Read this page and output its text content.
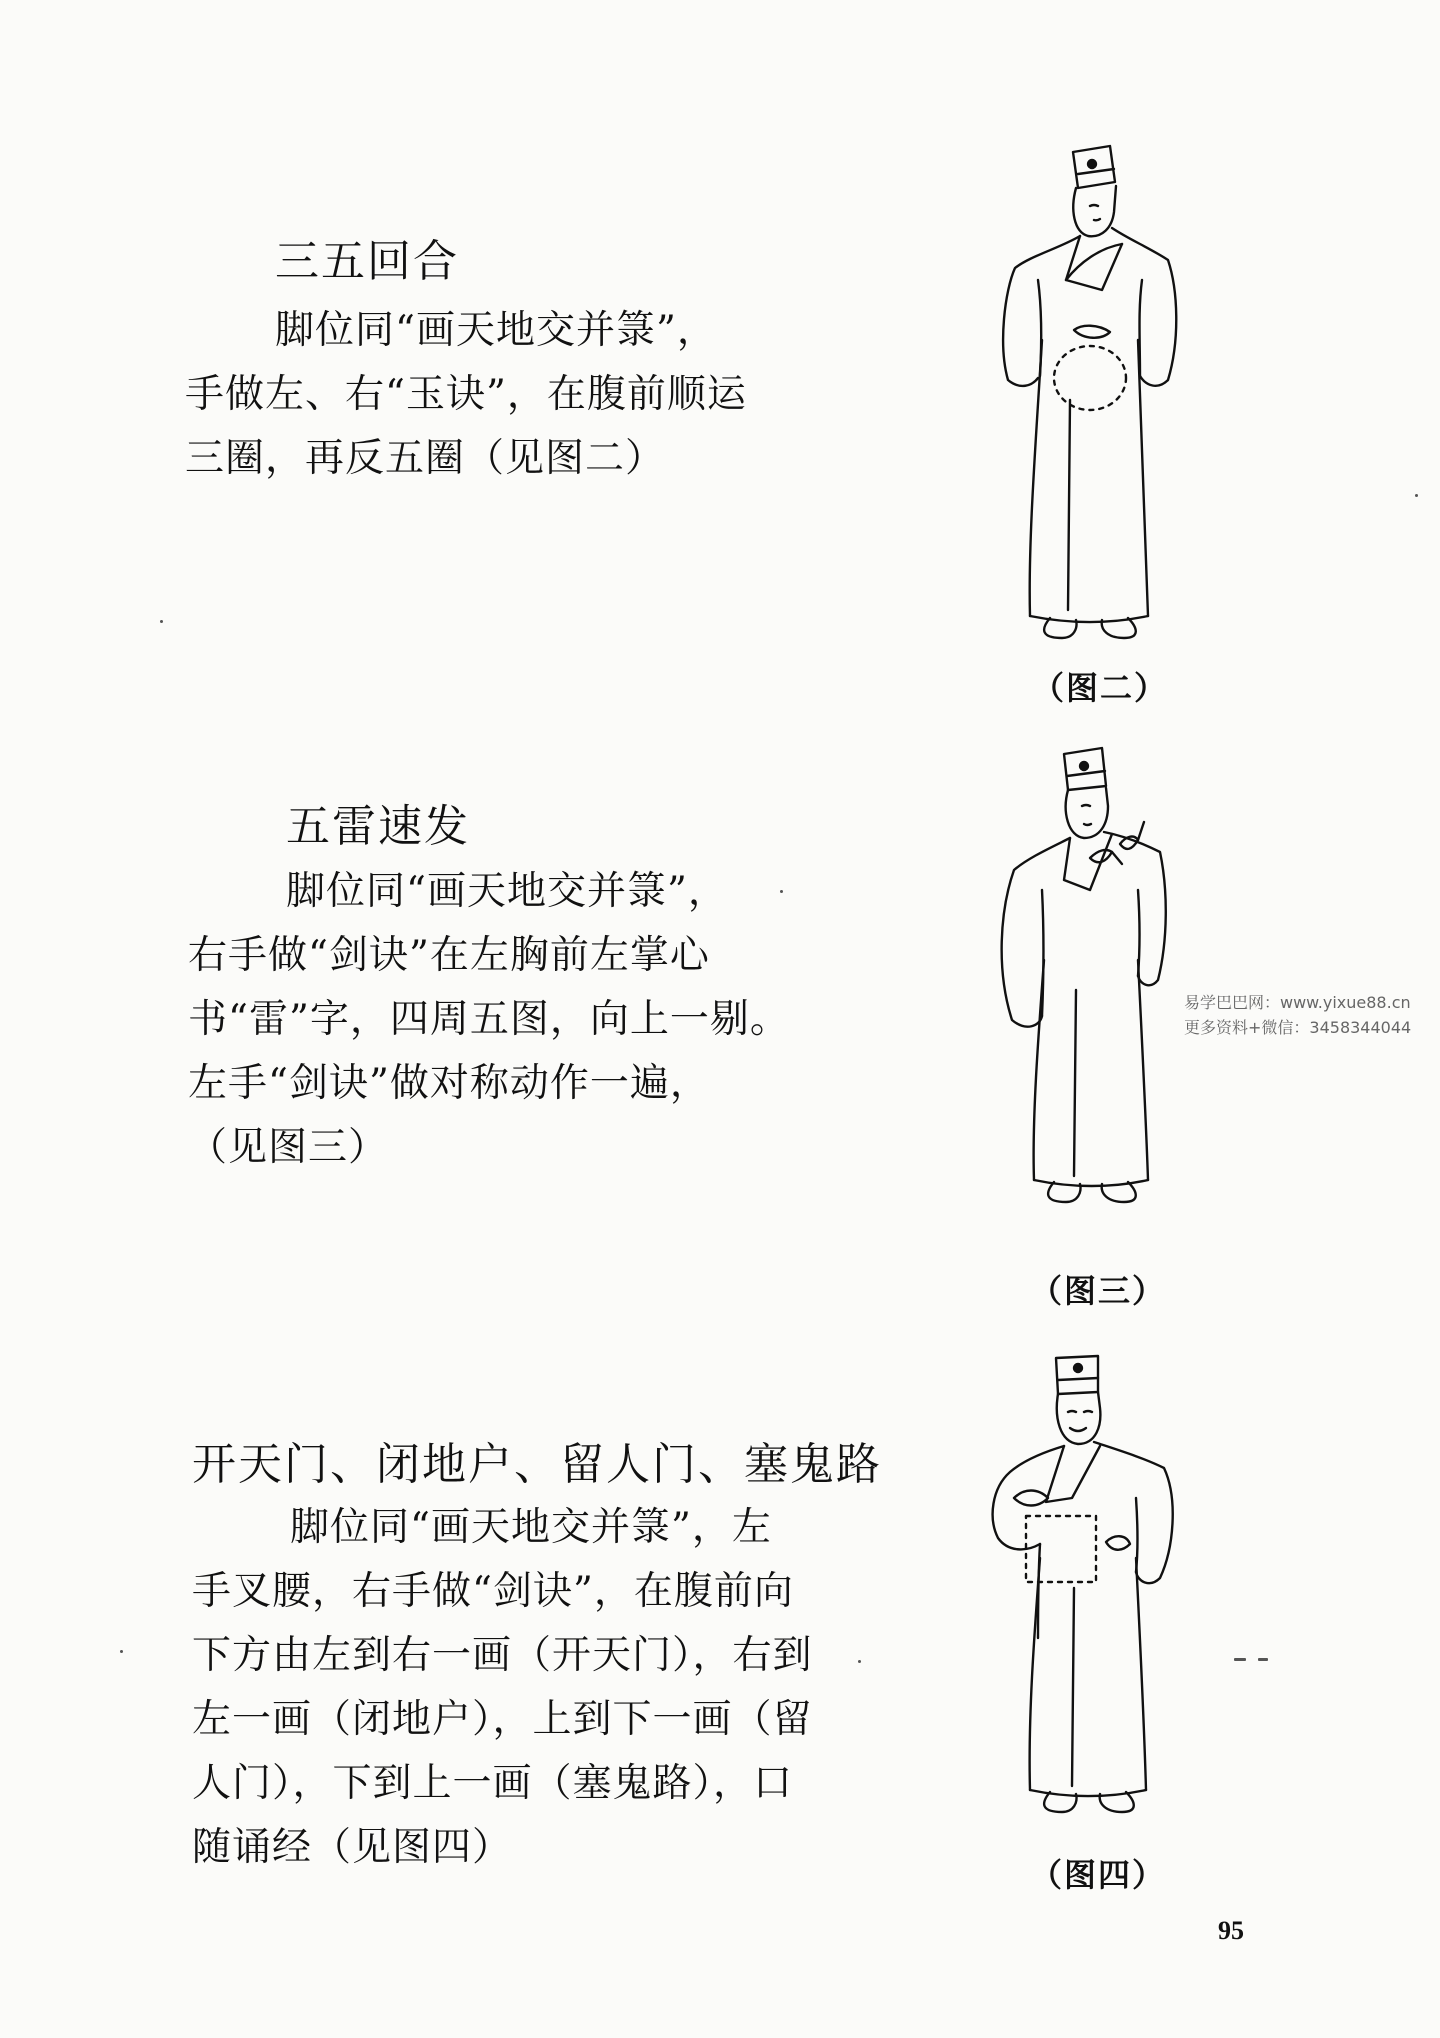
三五回合

脚位同“画天地交并箓”，

手做左、右“玉诀”，在腹前顺运

三圈，再反五圈（见图二）

五雷速发

脚位同“画天地交并箓”，

右手做“剑诀”在左胸前左掌心

书“雷”字，四周五图，向上一剔。

左手“剑诀”做对称动作一遍，

（见图三）

开天门、闭地户、留人门、塞鬼路

脚位同“画天地交并箓”，左

手叉腰，右手做“剑诀”，在腹前向

下方由左到右一画（开天门），右到

左一画（闭地户），上到下一画（留

人门），下到上一画（塞鬼路），口

随诵经（见图四）

（图二）
（图三）
（图四）
易学巴巴网：www.yixue88.cn
更多资料+微信：3458344044
95
